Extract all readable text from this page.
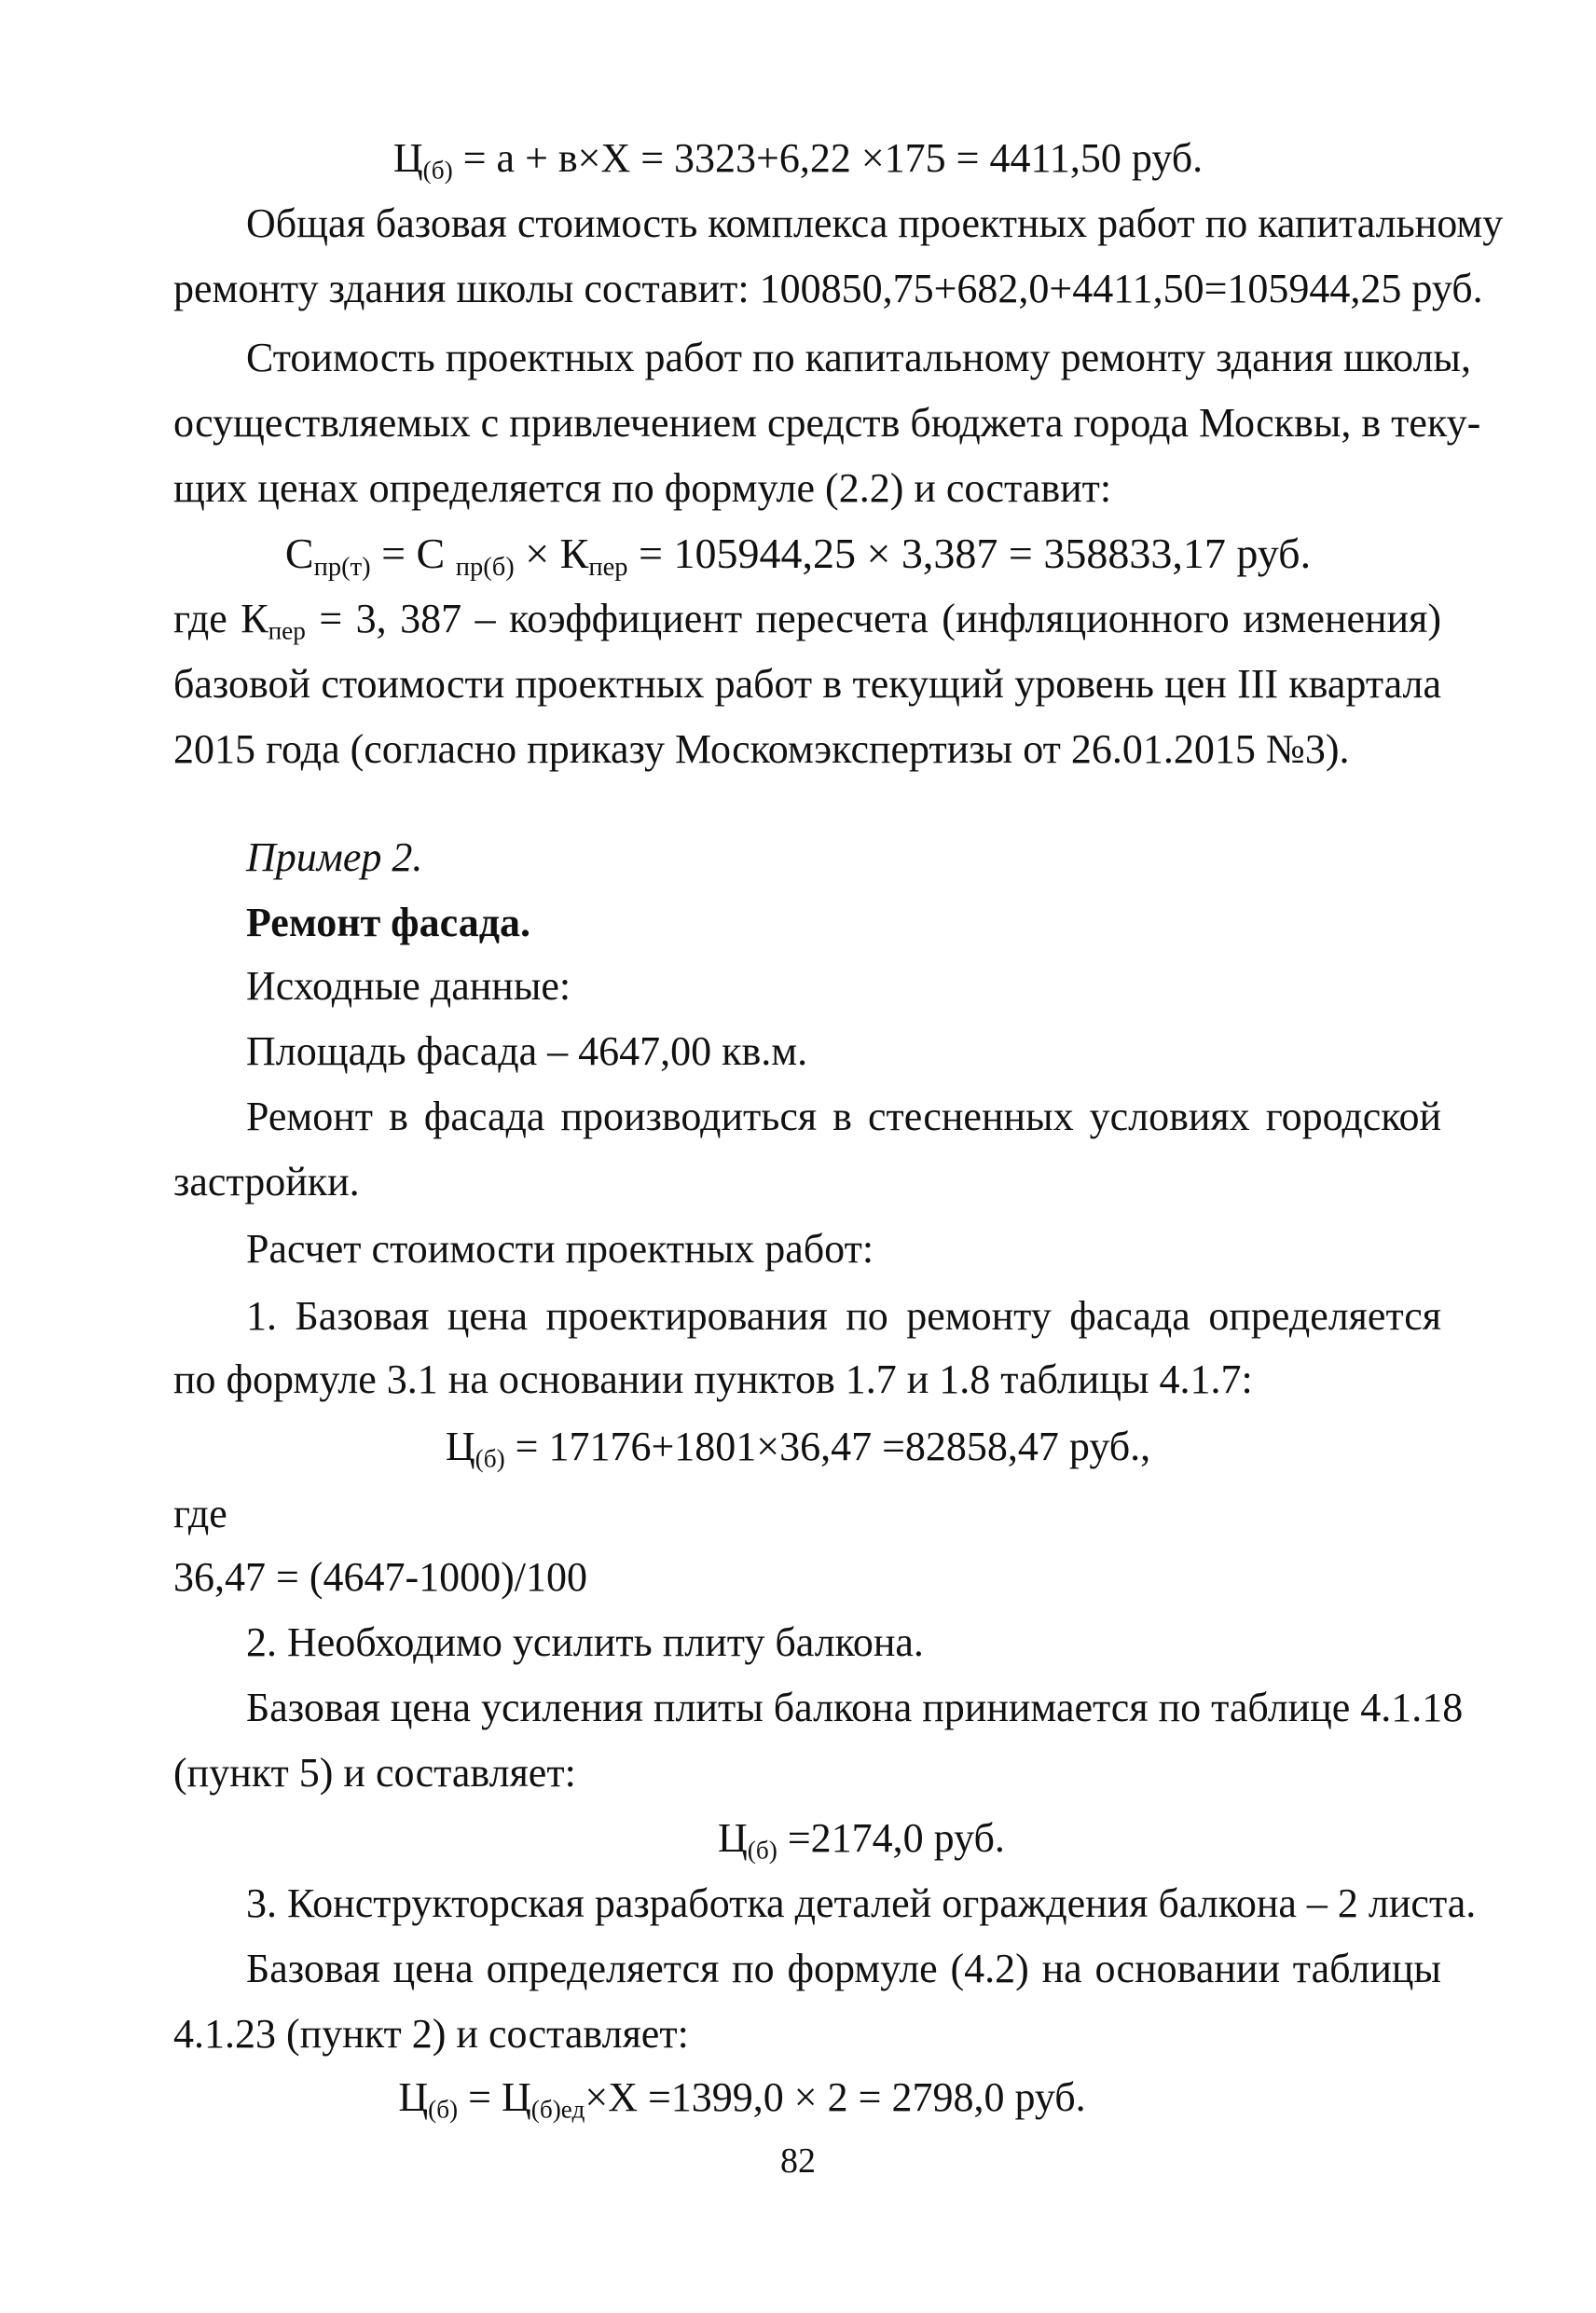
$Ц_{(б)} = а + в\times Х = 3323+6,22 \times 175 = 4411,50$ руб.
Общая базовая стоимость комплекса проектных работ по капитальному
ремонту здания школы составит: 100850,75+682,0+4411,50=105944,25 руб.
Стоимость проектных работ по капитальному ремонту здания школы,
осуществляемых с привлечением средств бюджета города Москвы, в теку-
щих ценах определяется по формуле (2.2) и составит:
$С_{пр(т)} = С$ $_{пр(б)} \times К_{пер} = 105944,25 \times 3,387 = 358833,17$ руб.
где $К_{пер} = 3$, 387 – коэффициент пересчета (инфляционного изменения)
базовой стоимости проектных работ в текущий уровень цен III квартала
2015 года (согласно приказу Москомэкспертизы от 26.01.2015 №3).
Пример 2.
Ремонт фасада.
Исходные данные:
Площадь фасада – 4647,00 кв.м.
Ремонт в фасада производиться в стесненных условиях городской
застройки.
Расчет стоимости проектных работ:
1. Базовая цена проектирования по ремонту фасада определяется
по формуле 3.1 на основании пунктов 1.7 и 1.8 таблицы 4.1.7:
$Ц_{(б)} = 17176+1801\times 36,47 =82858,47$ руб.,
где
36,47 = (4647-1000)/100
2. Необходимо усилить плиту балкона.
Базовая цена усиления плиты балкона принимается по таблице 4.1.18
(пункт 5) и составляет:
$Ц_{(б)} =2174,0$ руб.
3. Конструкторская разработка деталей ограждения балкона – 2 листа.
Базовая цена определяется по формуле (4.2) на основании таблицы
4.1.23 (пункт 2) и составляет:
$Ц_{(б)} = Ц_{(б)ед}\times Х =1399,0 \times 2 = 2798,0$ руб.
82
